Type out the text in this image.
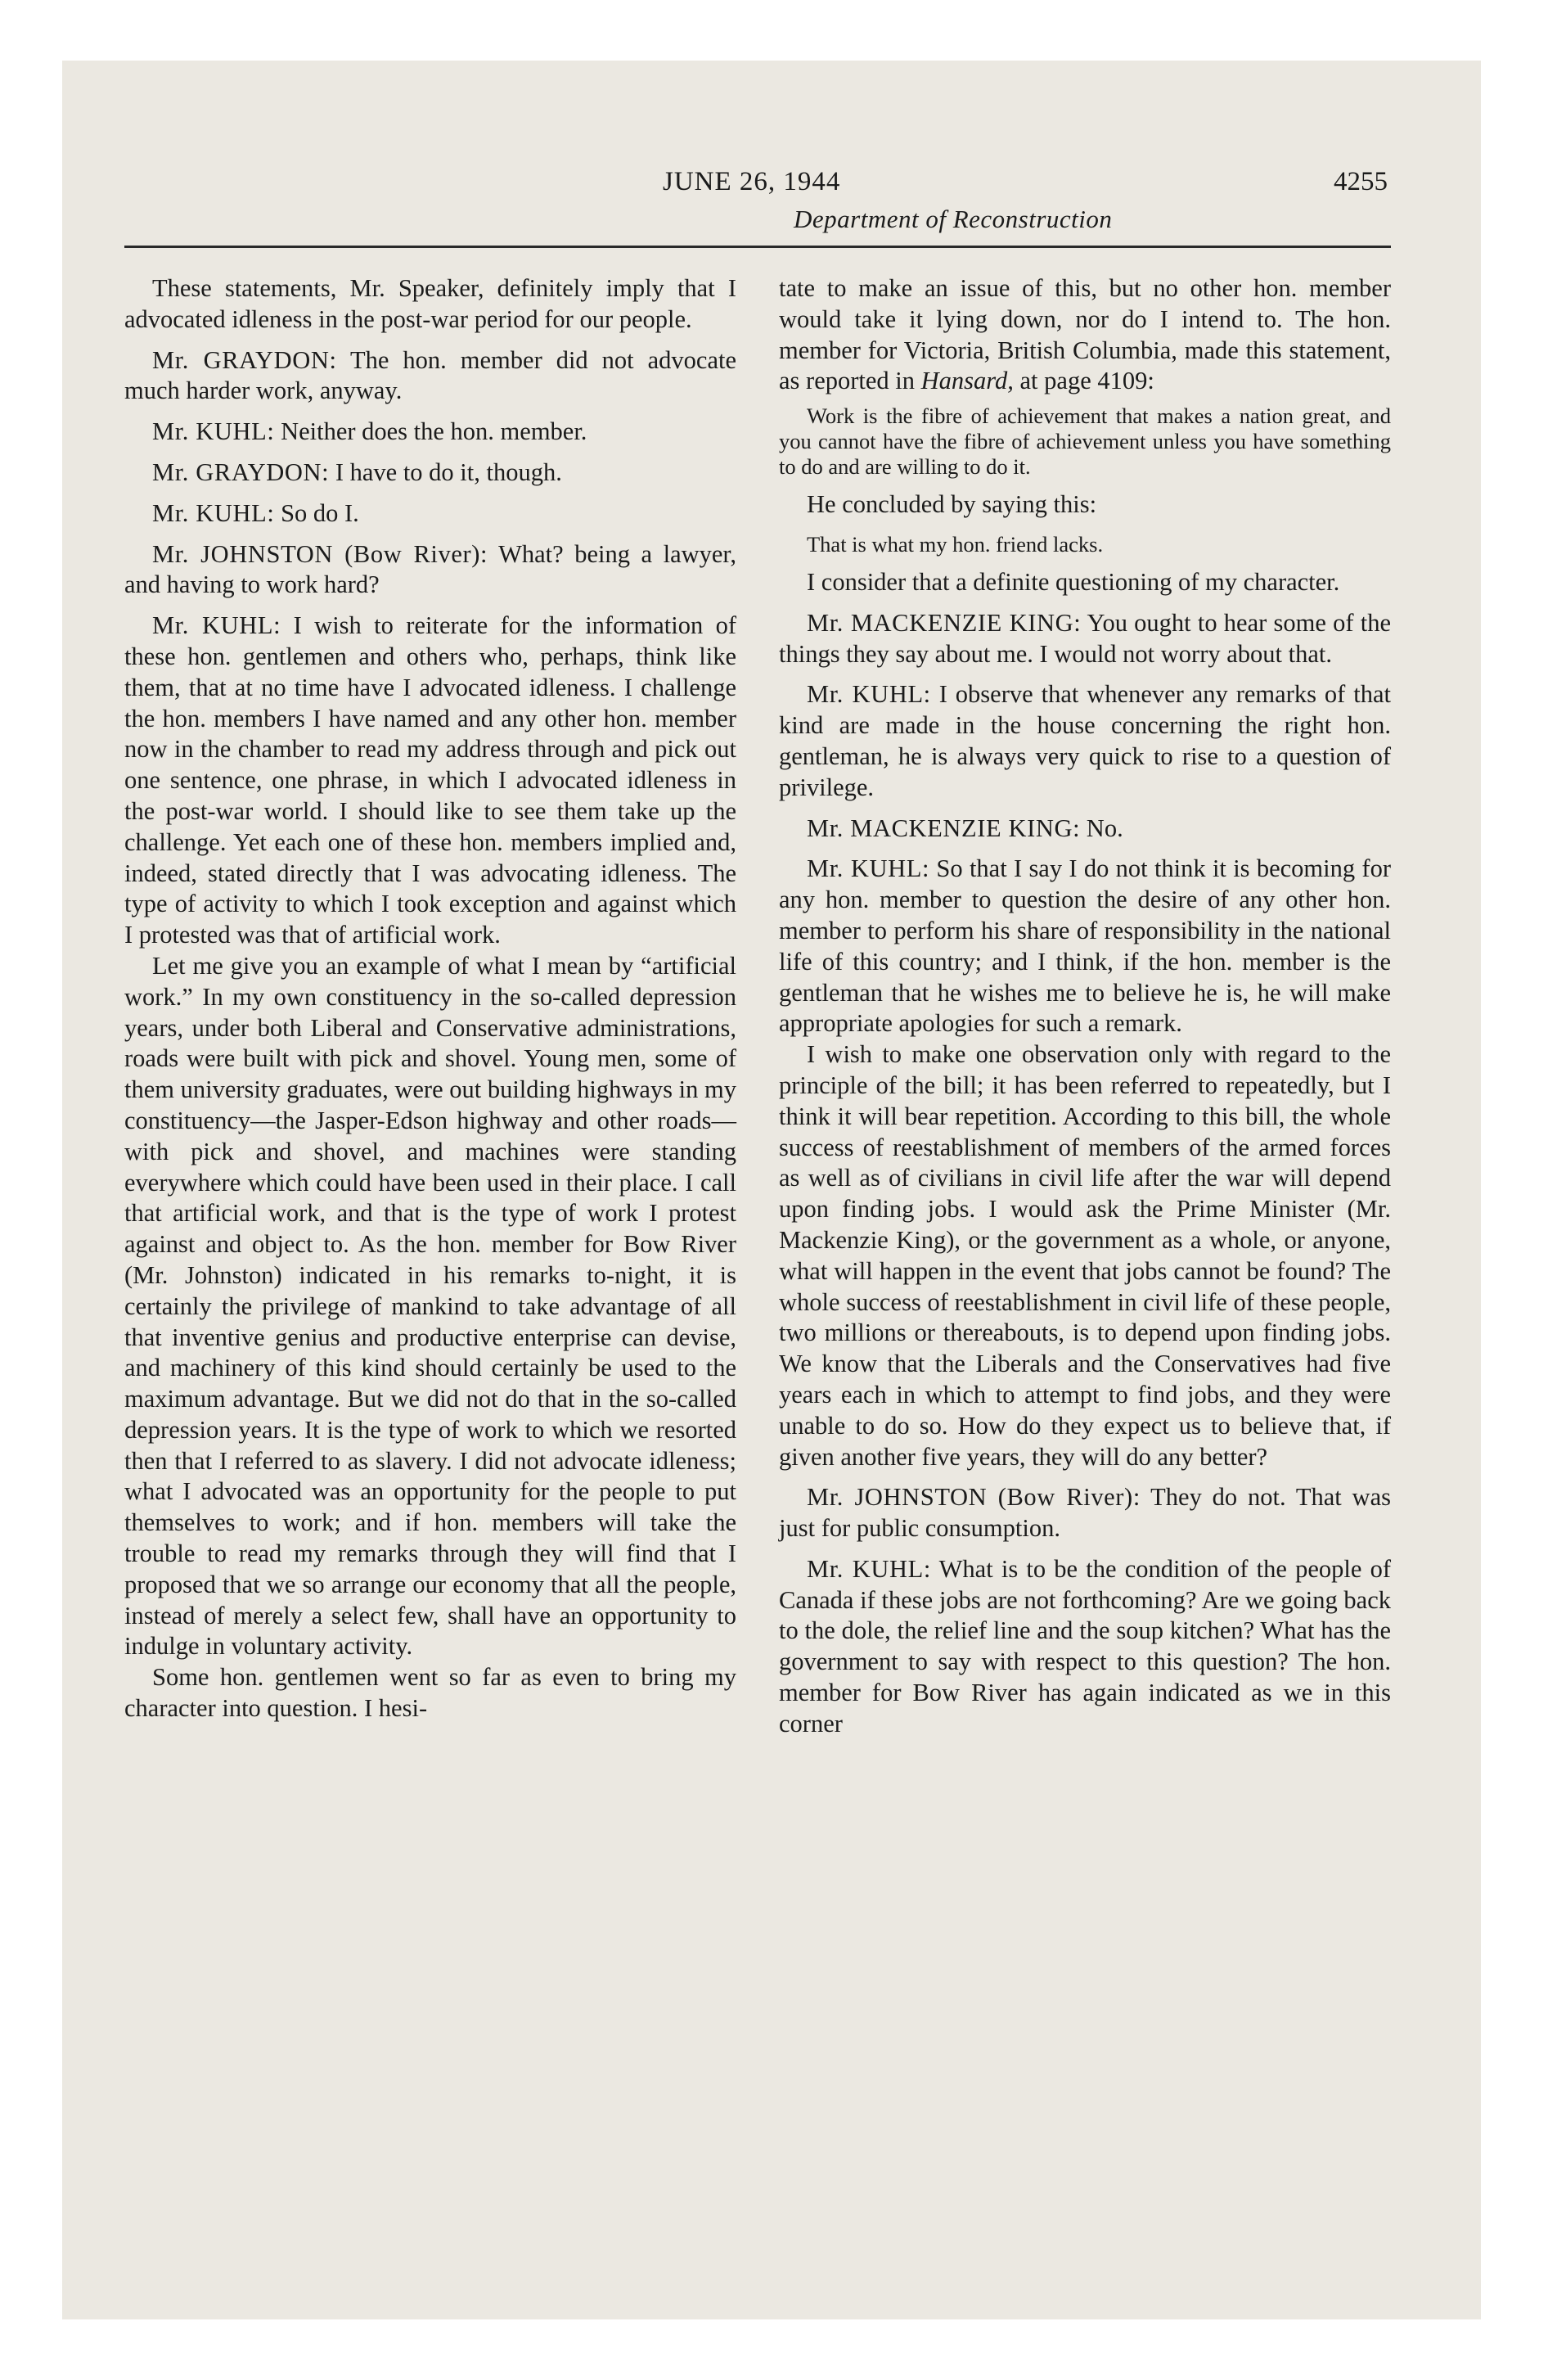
JUNE 26, 1944	4255
Department of Reconstruction

These statements, Mr. Speaker, definitely imply that I advocated idleness in the post-war period for our people.

Mr. GRAYDON: The hon. member did not advocate much harder work, anyway.

Mr. KUHL: Neither does the hon. member.

Mr. GRAYDON: I have to do it, though.

Mr. KUHL: So do I.

Mr. JOHNSTON (Bow River): What? being a lawyer, and having to work hard?

Mr. KUHL: I wish to reiterate for the information of these hon. gentlemen and others who, perhaps, think like them, that at no time have I advocated idleness. I challenge the hon. members I have named and any other hon. member now in the chamber to read my address through and pick out one sentence, one phrase, in which I advocated idleness in the post-war world. I should like to see them take up the challenge. Yet each one of these hon. members implied and, indeed, stated directly that I was advocating idleness. The type of activity to which I took exception and against which I protested was that of artificial work.

Let me give you an example of what I mean by “artificial work.” In my own constituency in the so-called depression years, under both Liberal and Conservative administrations, roads were built with pick and shovel. Young men, some of them university graduates, were out building highways in my constituency—the Jasper-Edson highway and other roads—with pick and shovel, and machines were standing everywhere which could have been used in their place. I call that artificial work, and that is the type of work I protest against and object to. As the hon. member for Bow River (Mr. Johnston) indicated in his remarks to-night, it is certainly the privilege of mankind to take advantage of all that inventive genius and productive enterprise can devise, and machinery of this kind should certainly be used to the maximum advantage. But we did not do that in the so-called depression years. It is the type of work to which we resorted then that I referred to as slavery. I did not advocate idleness; what I advocated was an opportunity for the people to put themselves to work; and if hon. members will take the trouble to read my remarks through they will find that I proposed that we so arrange our economy that all the people, instead of merely a select few, shall have an opportunity to indulge in voluntary activity.

Some hon. gentlemen went so far as even to bring my character into question. I hesi-

tate to make an issue of this, but no other hon. member would take it lying down, nor do I intend to. The hon. member for Victoria, British Columbia, made this statement, as reported in Hansard, at page 4109:

Work is the fibre of achievement that makes a nation great, and you cannot have the fibre of achievement unless you have something to do and are willing to do it.

He concluded by saying this:

That is what my hon. friend lacks.

I consider that a definite questioning of my character.

Mr. MACKENZIE KING: You ought to hear some of the things they say about me. I would not worry about that.

Mr. KUHL: I observe that whenever any remarks of that kind are made in the house concerning the right hon. gentleman, he is always very quick to rise to a question of privilege.

Mr. MACKENZIE KING: No.

Mr. KUHL: So that I say I do not think it is becoming for any hon. member to question the desire of any other hon. member to perform his share of responsibility in the national life of this country; and I think, if the hon. member is the gentleman that he wishes me to believe he is, he will make appropriate apologies for such a remark.

I wish to make one observation only with regard to the principle of the bill; it has been referred to repeatedly, but I think it will bear repetition. According to this bill, the whole success of reestablishment of members of the armed forces as well as of civilians in civil life after the war will depend upon finding jobs. I would ask the Prime Minister (Mr. Mackenzie King), or the government as a whole, or anyone, what will happen in the event that jobs cannot be found? The whole success of reestablishment in civil life of these people, two millions or thereabouts, is to depend upon finding jobs. We know that the Liberals and the Conservatives had five years each in which to attempt to find jobs, and they were unable to do so. How do they expect us to believe that, if given another five years, they will do any better?

Mr. JOHNSTON (Bow River): They do not. That was just for public consumption.

Mr. KUHL: What is to be the condition of the people of Canada if these jobs are not forthcoming? Are we going back to the dole, the relief line and the soup kitchen? What has the government to say with respect to this question? The hon. member for Bow River has again indicated as we in this corner
